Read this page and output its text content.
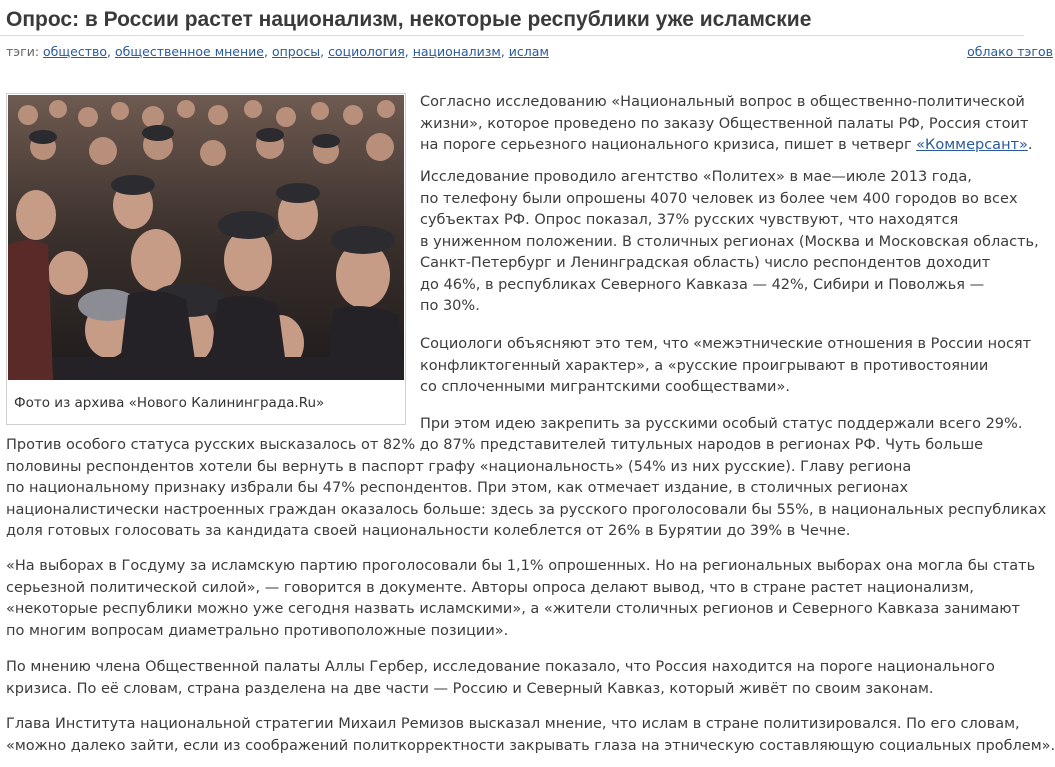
Опрос: в России растет национализм, некоторые республики уже исламские
тэги: общество, общественное мнение, опросы, социология, национализм, ислам	облако тэгов
Фото из архива «Нового Калининграда.Ru»
Согласно исследованию «Национальный вопрос в общественно-политической
жизни», которое проведено по заказу Общественной палаты РФ, Россия стоит
на пороге серьезного национального кризиса, пишет в четверг «Коммерсант».
Исследование проводило агентство «Политех» в мае—июле 2013 года,
по телефону были опрошены 4070 человек из более чем 400 городов во всех
субъектах РФ. Опрос показал, 37% русских чувствуют, что находятся
в униженном положении. В столичных регионах (Москва и Московская область,
Санкт-Петербург и Ленинградская область) число респондентов доходит
до 46%, в республиках Северного Кавказа — 42%, Сибири и Поволжья —
по 30%.
Социологи объясняют это тем, что «межэтнические отношения в России носят
конфликтогенный характер», а «русские проигрывают в противостоянии
со сплоченными мигрантскими сообществами».
При этом идею закрепить за русскими особый статус поддержали всего 29%.
Против особого статуса русских высказалось от 82% до 87% представителей титульных народов в регионах РФ. Чуть больше
половины респондентов хотели бы вернуть в паспорт графу «национальность» (54% из них русские). Главу региона
по национальному признаку избрали бы 47% респондентов. При этом, как отмечает издание, в столичных регионах
националистически настроенных граждан оказалось больше: здесь за русского проголосовали бы 55%, в национальных республиках
доля готовых голосовать за кандидата своей национальности колеблется от 26% в Бурятии до 39% в Чечне.
«На выборах в Госдуму за исламскую партию проголосовали бы 1,1% опрошенных. Но на региональных выборах она могла бы стать
серьезной политической силой», — говорится в документе. Авторы опроса делают вывод, что в стране растет национализм,
«некоторые республики можно уже сегодня назвать исламскими», а «жители столичных регионов и Северного Кавказа занимают
по многим вопросам диаметрально противоположные позиции».
По мнению члена Общественной палаты Аллы Гербер, исследование показало, что Россия находится на пороге национального
кризиса. По её словам, страна разделена на две части — Россию и Северный Кавказ, который живёт по своим законам.
Глава Института национальной стратегии Михаил Ремизов высказал мнение, что ислам в стране политизировался. По его словам,
«можно далеко зайти, если из соображений политкорректности закрывать глаза на этническую составляющую социальных проблем».
